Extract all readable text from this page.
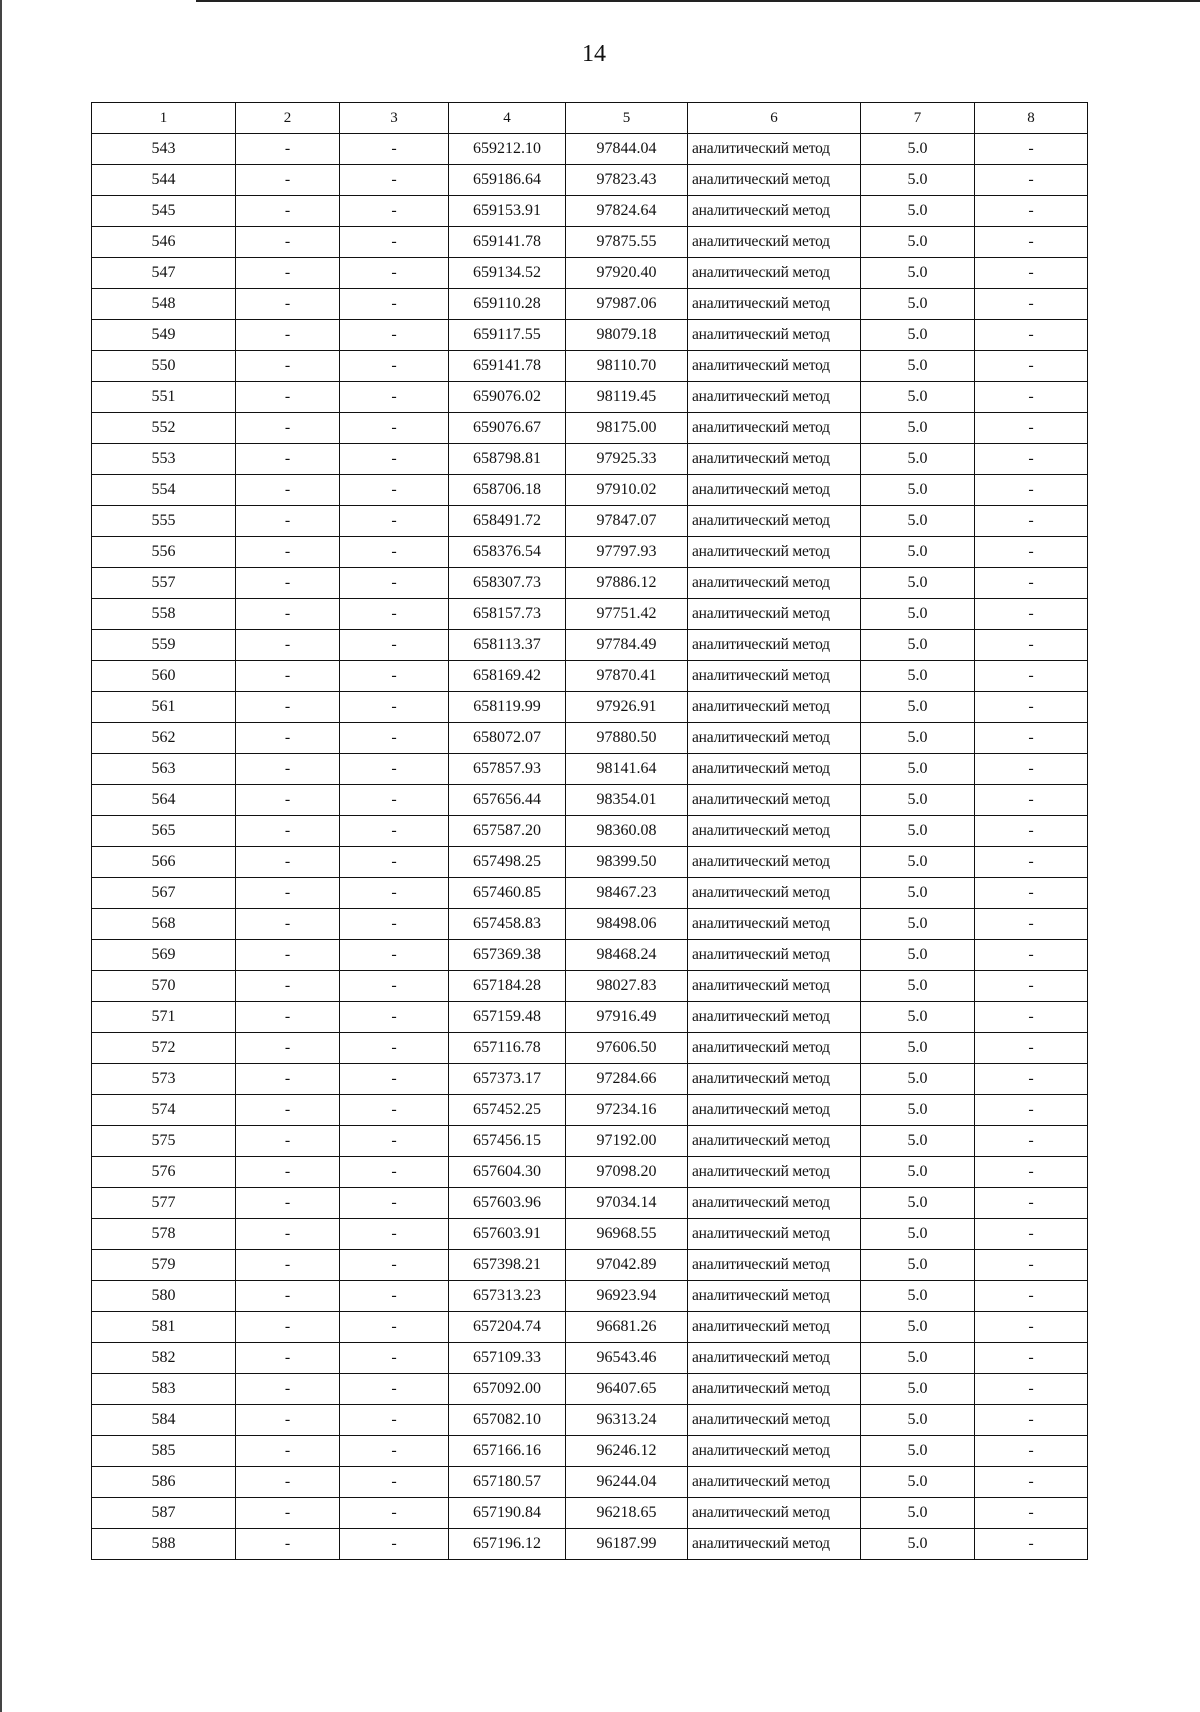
14
1	2	3	4	5	6	7	8
543	-	-	659212.10	97844.04	аналитический метод	5.0	-
544	-	-	659186.64	97823.43	аналитический метод	5.0	-
545	-	-	659153.91	97824.64	аналитический метод	5.0	-
546	-	-	659141.78	97875.55	аналитический метод	5.0	-
547	-	-	659134.52	97920.40	аналитический метод	5.0	-
548	-	-	659110.28	97987.06	аналитический метод	5.0	-
549	-	-	659117.55	98079.18	аналитический метод	5.0	-
550	-	-	659141.78	98110.70	аналитический метод	5.0	-
551	-	-	659076.02	98119.45	аналитический метод	5.0	-
552	-	-	659076.67	98175.00	аналитический метод	5.0	-
553	-	-	658798.81	97925.33	аналитический метод	5.0	-
554	-	-	658706.18	97910.02	аналитический метод	5.0	-
555	-	-	658491.72	97847.07	аналитический метод	5.0	-
556	-	-	658376.54	97797.93	аналитический метод	5.0	-
557	-	-	658307.73	97886.12	аналитический метод	5.0	-
558	-	-	658157.73	97751.42	аналитический метод	5.0	-
559	-	-	658113.37	97784.49	аналитический метод	5.0	-
560	-	-	658169.42	97870.41	аналитический метод	5.0	-
561	-	-	658119.99	97926.91	аналитический метод	5.0	-
562	-	-	658072.07	97880.50	аналитический метод	5.0	-
563	-	-	657857.93	98141.64	аналитический метод	5.0	-
564	-	-	657656.44	98354.01	аналитический метод	5.0	-
565	-	-	657587.20	98360.08	аналитический метод	5.0	-
566	-	-	657498.25	98399.50	аналитический метод	5.0	-
567	-	-	657460.85	98467.23	аналитический метод	5.0	-
568	-	-	657458.83	98498.06	аналитический метод	5.0	-
569	-	-	657369.38	98468.24	аналитический метод	5.0	-
570	-	-	657184.28	98027.83	аналитический метод	5.0	-
571	-	-	657159.48	97916.49	аналитический метод	5.0	-
572	-	-	657116.78	97606.50	аналитический метод	5.0	-
573	-	-	657373.17	97284.66	аналитический метод	5.0	-
574	-	-	657452.25	97234.16	аналитический метод	5.0	-
575	-	-	657456.15	97192.00	аналитический метод	5.0	-
576	-	-	657604.30	97098.20	аналитический метод	5.0	-
577	-	-	657603.96	97034.14	аналитический метод	5.0	-
578	-	-	657603.91	96968.55	аналитический метод	5.0	-
579	-	-	657398.21	97042.89	аналитический метод	5.0	-
580	-	-	657313.23	96923.94	аналитический метод	5.0	-
581	-	-	657204.74	96681.26	аналитический метод	5.0	-
582	-	-	657109.33	96543.46	аналитический метод	5.0	-
583	-	-	657092.00	96407.65	аналитический метод	5.0	-
584	-	-	657082.10	96313.24	аналитический метод	5.0	-
585	-	-	657166.16	96246.12	аналитический метод	5.0	-
586	-	-	657180.57	96244.04	аналитический метод	5.0	-
587	-	-	657190.84	96218.65	аналитический метод	5.0	-
588	-	-	657196.12	96187.99	аналитический метод	5.0	-
